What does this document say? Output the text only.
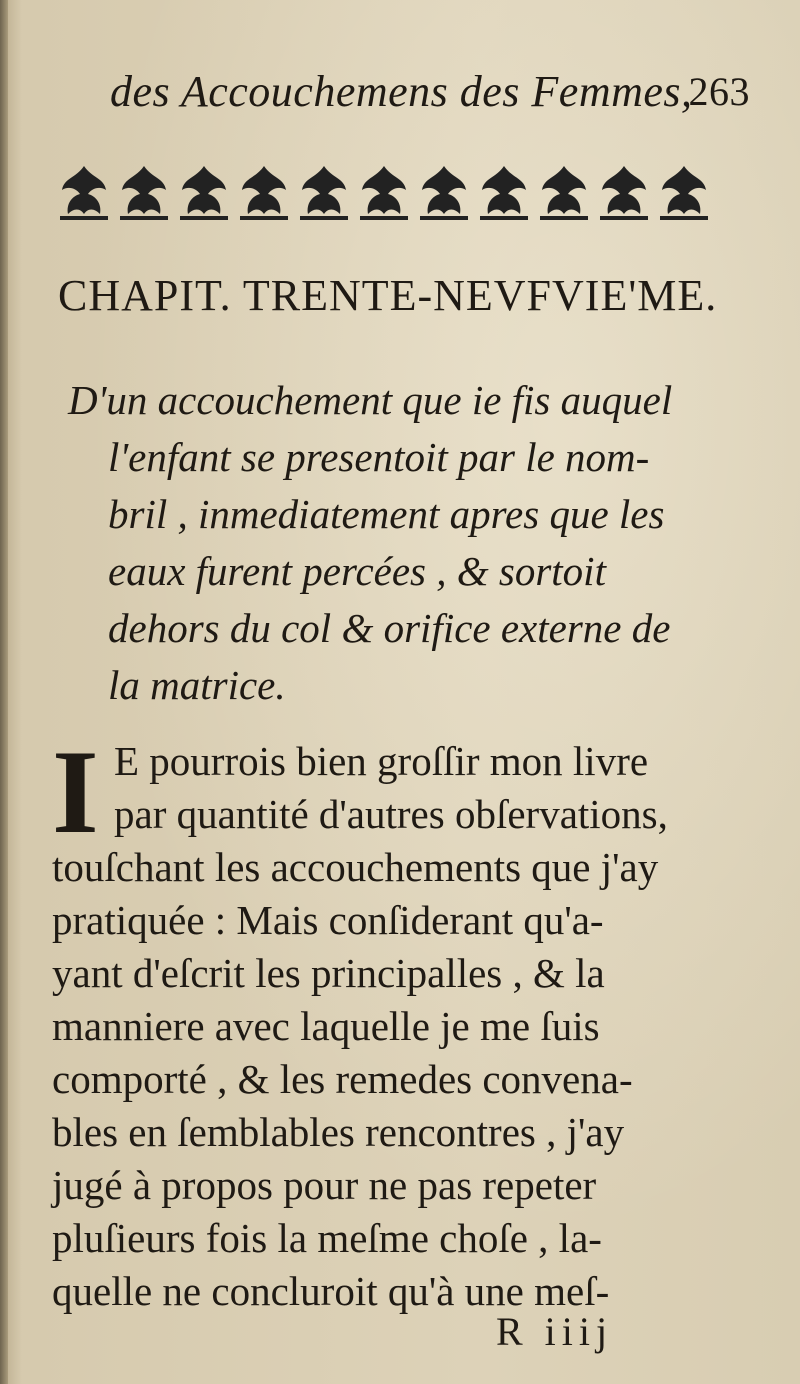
des Accouchemens des Femmes,
263
CHAPIT. TRENTE-NEVFVIE'ME.
D'un accouchement que ie fis auquel
l'enfant se presentoit par le nom-
bril , inmediatement apres que les
eaux furent percées , & sortoit
dehors du col & orifice externe de
la matrice.
I E pourrois bien groſſir mon livre
par quantité d'autres obſervations,
touſchant les accouchements que j'ay
pratiquée : Mais conſiderant qu'a-
yant d'eſcrit les principalles , & la
manniere avec laquelle je me ſuis
comporté , & les remedes convena-
bles en ſemblables rencontres , j'ay
jugé à propos pour ne pas repeter
pluſieurs fois la meſme choſe , la-
quelle ne concluroit qu'à une meſ-
R iiij
